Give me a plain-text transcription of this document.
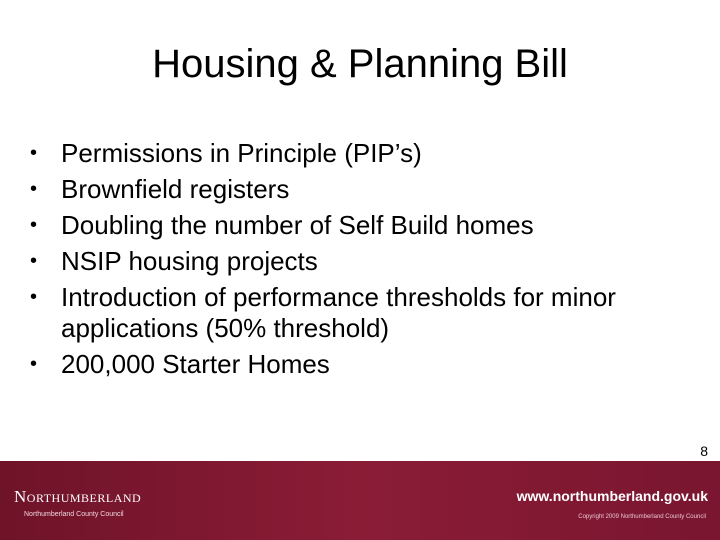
Housing & Planning Bill
• Permissions in Principle (PIP’s)
• Brownfield registers
• Doubling the number of Self Build homes
• NSIP housing projects
• Introduction of performance thresholds for minor applications (50% threshold)
• 200,000 Starter Homes
8
Northumberland
Northumberland County Council
www.northumberland.gov.uk
Copyright 2009 Northumberland County Council
